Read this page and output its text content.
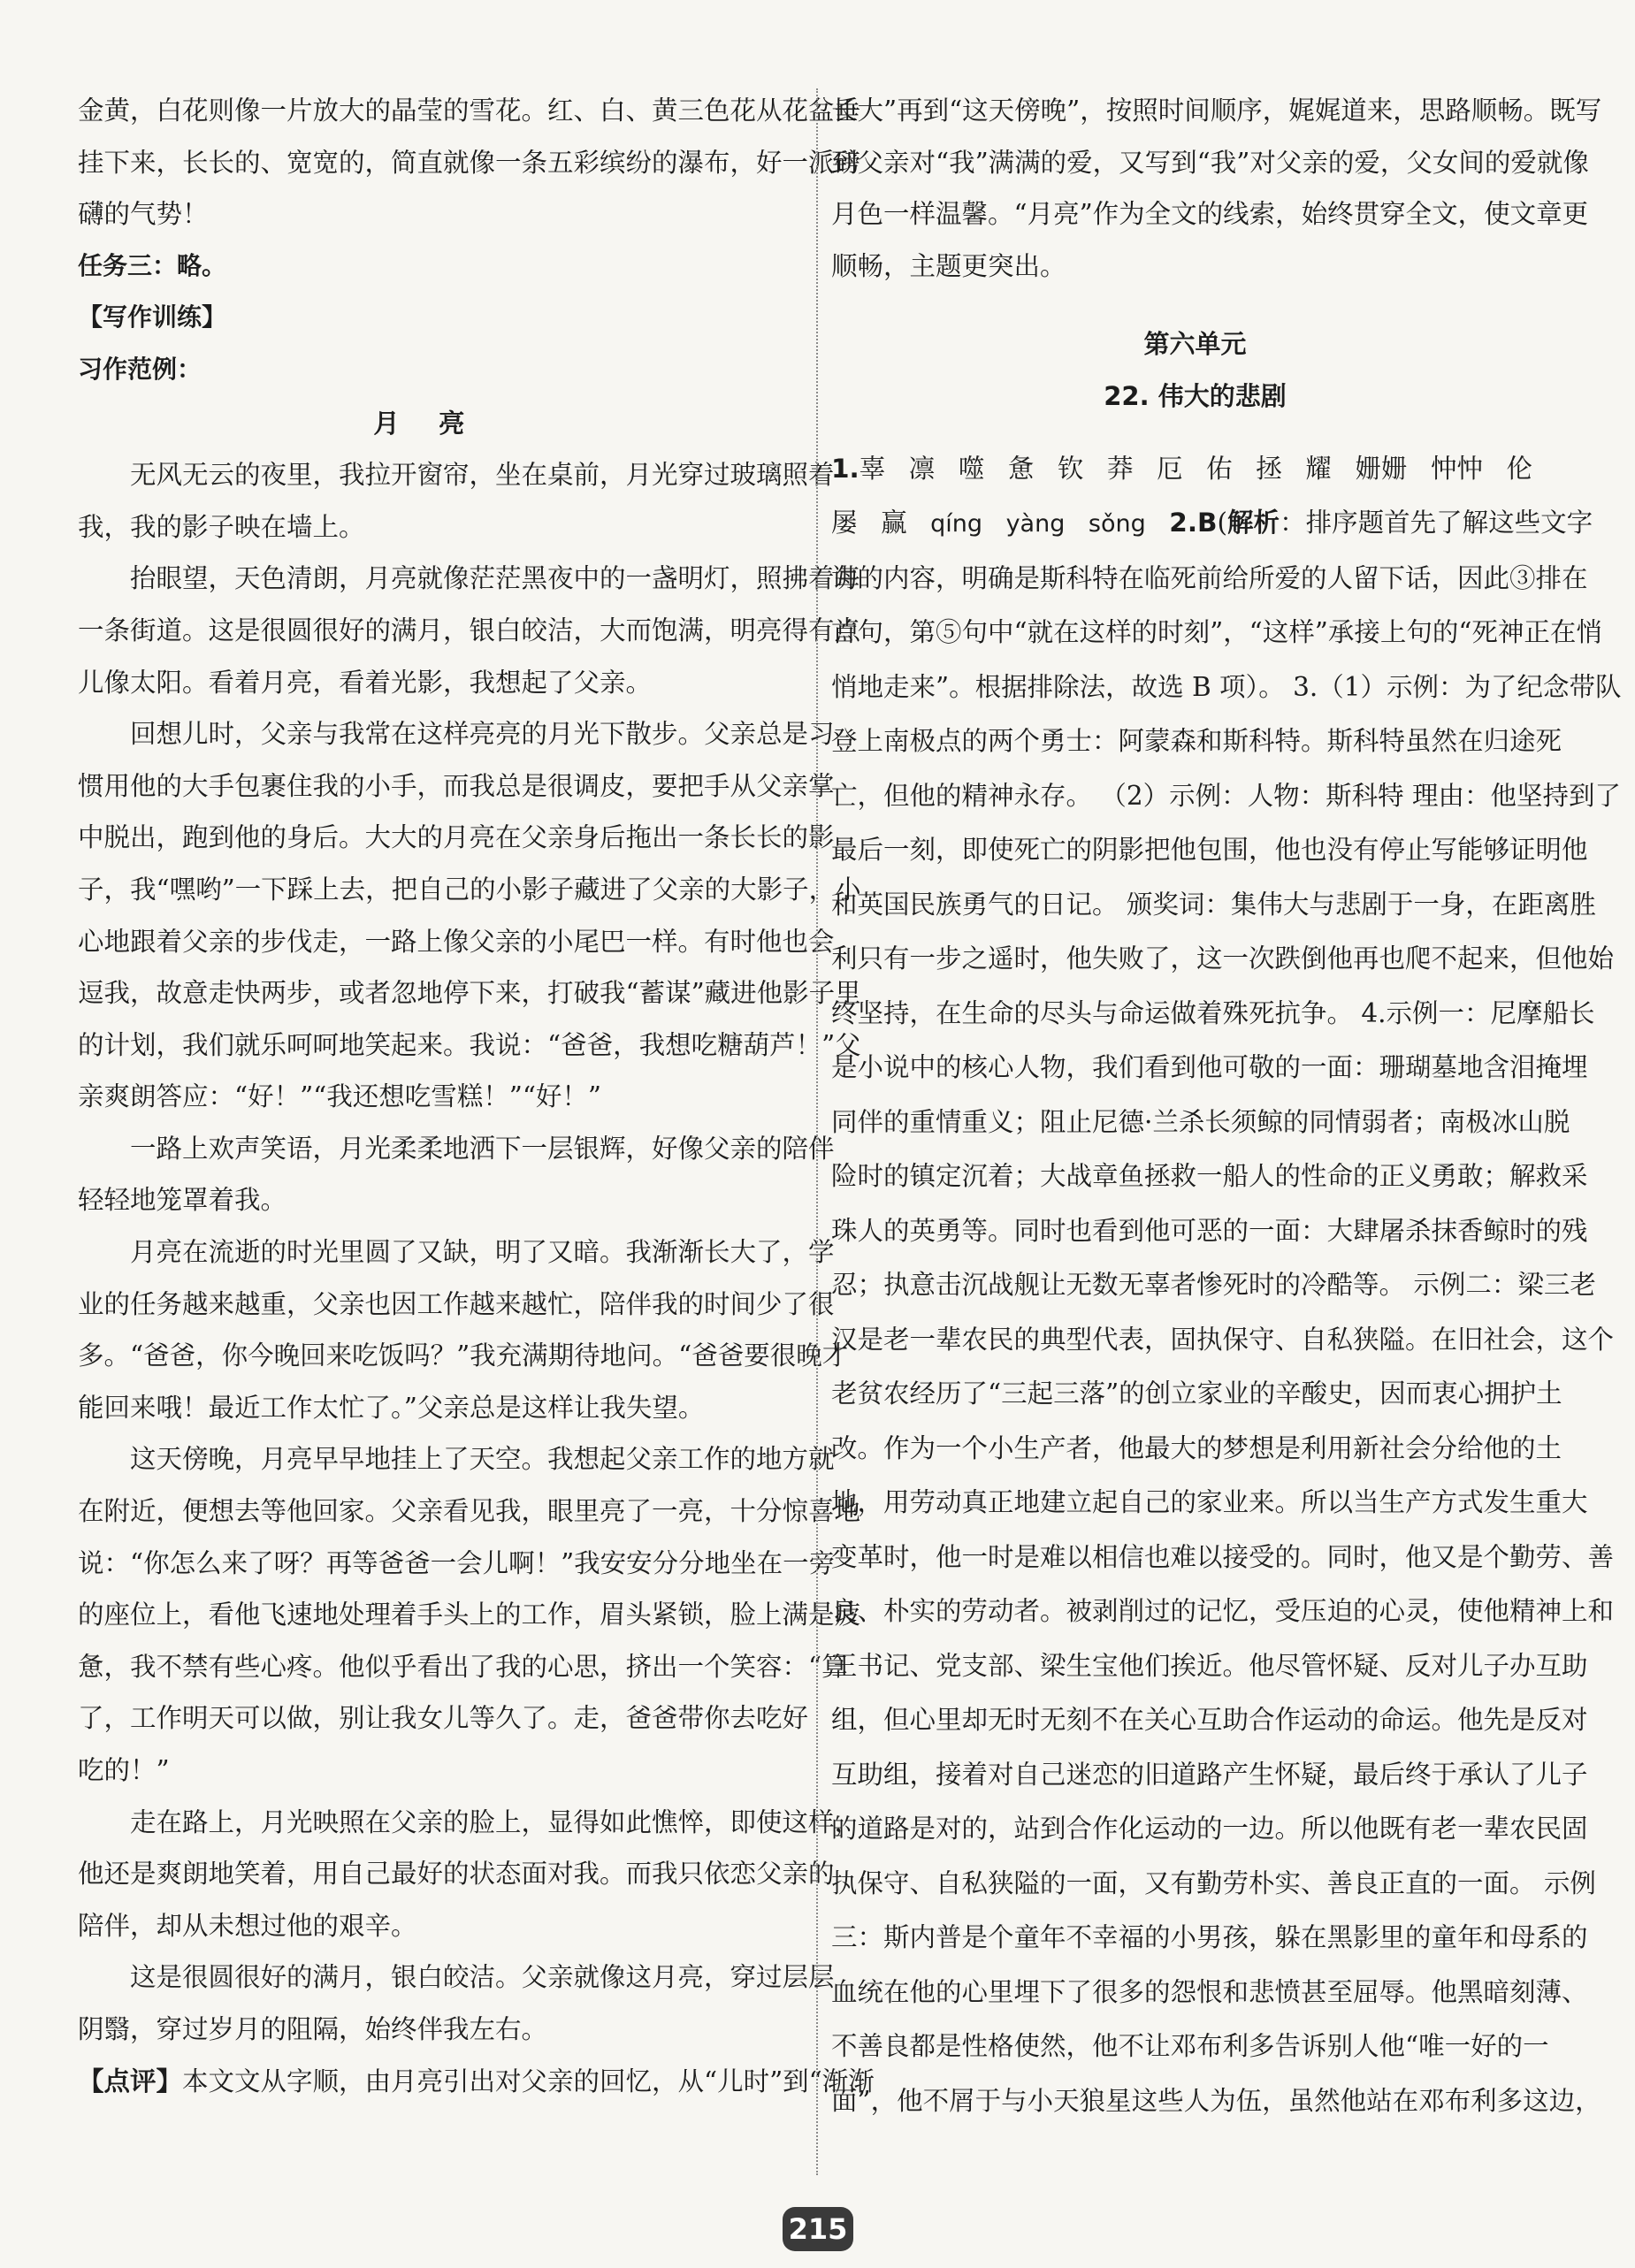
金黄，白花则像一片放大的晶莹的雪花。红、白、黄三色花从花盆垂
挂下来，长长的、宽宽的，简直就像一条五彩缤纷的瀑布，好一派磅
礴的气势！
任务三：略。
【写作训练】
习作范例：
月亮
无风无云的夜里，我拉开窗帘，坐在桌前，月光穿过玻璃照着
我，我的影子映在墙上。
抬眼望，天色清朗，月亮就像茫茫黑夜中的一盏明灯，照拂着每
一条街道。这是很圆很好的满月，银白皎洁，大而饱满，明亮得有点
儿像太阳。看着月亮，看着光影，我想起了父亲。
回想儿时，父亲与我常在这样亮亮的月光下散步。父亲总是习
惯用他的大手包裹住我的小手，而我总是很调皮，要把手从父亲掌
中脱出，跑到他的身后。大大的月亮在父亲身后拖出一条长长的影
子，我“嘿哟”一下踩上去，把自己的小影子藏进了父亲的大影子，小
心地跟着父亲的步伐走，一路上像父亲的小尾巴一样。有时他也会
逗我，故意走快两步，或者忽地停下来，打破我“蓄谋”藏进他影子里
的计划，我们就乐呵呵地笑起来。我说：“爸爸，我想吃糖葫芦！”父
亲爽朗答应：“好！”“我还想吃雪糕！”“好！”
一路上欢声笑语，月光柔柔地洒下一层银辉，好像父亲的陪伴
轻轻地笼罩着我。
月亮在流逝的时光里圆了又缺，明了又暗。我渐渐长大了，学
业的任务越来越重，父亲也因工作越来越忙，陪伴我的时间少了很
多。“爸爸，你今晚回来吃饭吗？”我充满期待地问。“爸爸要很晚才
能回来哦！最近工作太忙了。”父亲总是这样让我失望。
这天傍晚，月亮早早地挂上了天空。我想起父亲工作的地方就
在附近，便想去等他回家。父亲看见我，眼里亮了一亮，十分惊喜地
说：“你怎么来了呀？再等爸爸一会儿啊！”我安安分分地坐在一旁
的座位上，看他飞速地处理着手头上的工作，眉头紧锁，脸上满是疲
惫，我不禁有些心疼。他似乎看出了我的心思，挤出一个笑容：“算
了，工作明天可以做，别让我女儿等久了。走，爸爸带你去吃好
吃的！”
走在路上，月光映照在父亲的脸上，显得如此憔悴，即使这样，
他还是爽朗地笑着，用自己最好的状态面对我。而我只依恋父亲的
陪伴，却从未想过他的艰辛。
这是很圆很好的满月，银白皎洁。父亲就像这月亮，穿过层层
阴翳，穿过岁月的阻隔，始终伴我左右。
【点评】本文文从字顺，由月亮引出对父亲的回忆，从“儿时”到“渐渐
长大”再到“这天傍晚”，按照时间顺序，娓娓道来，思路顺畅。既写
到父亲对“我”满满的爱，又写到“我”对父亲的爱，父女间的爱就像
月色一样温馨。“月亮”作为全文的线索，始终贯穿全文，使文章更
顺畅，主题更突出。
第六单元
22. 伟大的悲剧
1.辜 凛 噬 惫 钦 莽 厄 佑 拯 耀 姗姗 忡忡 伦
屡 赢 qíng yàng sǒng 2.B(解析：排序题首先了解这些文字
讲的内容，明确是斯科特在临死前给所爱的人留下话，因此③排在
首句，第⑤句中“就在这样的时刻”，“这样”承接上句的“死神正在悄
悄地走来”。根据排除法，故选 B 项）。 3.（1）示例：为了纪念带队
登上南极点的两个勇士：阿蒙森和斯科特。斯科特虽然在归途死
亡，但他的精神永存。 （2）示例：人物：斯科特 理由：他坚持到了
最后一刻，即使死亡的阴影把他包围，他也没有停止写能够证明他
和英国民族勇气的日记。 颁奖词：集伟大与悲剧于一身，在距离胜
利只有一步之遥时，他失败了，这一次跌倒他再也爬不起来，但他始
终坚持，在生命的尽头与命运做着殊死抗争。 4.示例一：尼摩船长
是小说中的核心人物，我们看到他可敬的一面：珊瑚墓地含泪掩埋
同伴的重情重义；阻止尼德·兰杀长须鲸的同情弱者；南极冰山脱
险时的镇定沉着；大战章鱼拯救一船人的性命的正义勇敢；解救采
珠人的英勇等。同时也看到他可恶的一面：大肆屠杀抹香鲸时的残
忍；执意击沉战舰让无数无辜者惨死时的冷酷等。 示例二：梁三老
汉是老一辈农民的典型代表，固执保守、自私狭隘。在旧社会，这个
老贫农经历了“三起三落”的创立家业的辛酸史，因而衷心拥护土
改。作为一个小生产者，他最大的梦想是利用新社会分给他的土
地，用劳动真正地建立起自己的家业来。所以当生产方式发生重大
变革时，他一时是难以相信也难以接受的。同时，他又是个勤劳、善
良、朴实的劳动者。被剥削过的记忆，受压迫的心灵，使他精神上和
王书记、党支部、梁生宝他们挨近。他尽管怀疑、反对儿子办互助
组，但心里却无时无刻不在关心互助合作运动的命运。他先是反对
互助组，接着对自己迷恋的旧道路产生怀疑，最后终于承认了儿子
的道路是对的，站到合作化运动的一边。所以他既有老一辈农民固
执保守、自私狭隘的一面，又有勤劳朴实、善良正直的一面。 示例
三：斯内普是个童年不幸福的小男孩，躲在黑影里的童年和母系的
血统在他的心里埋下了很多的怨恨和悲愤甚至屈辱。他黑暗刻薄、
不善良都是性格使然，他不让邓布利多告诉别人他“唯一好的一
面”，他不屑于与小天狼星这些人为伍，虽然他站在邓布利多这边，
215
